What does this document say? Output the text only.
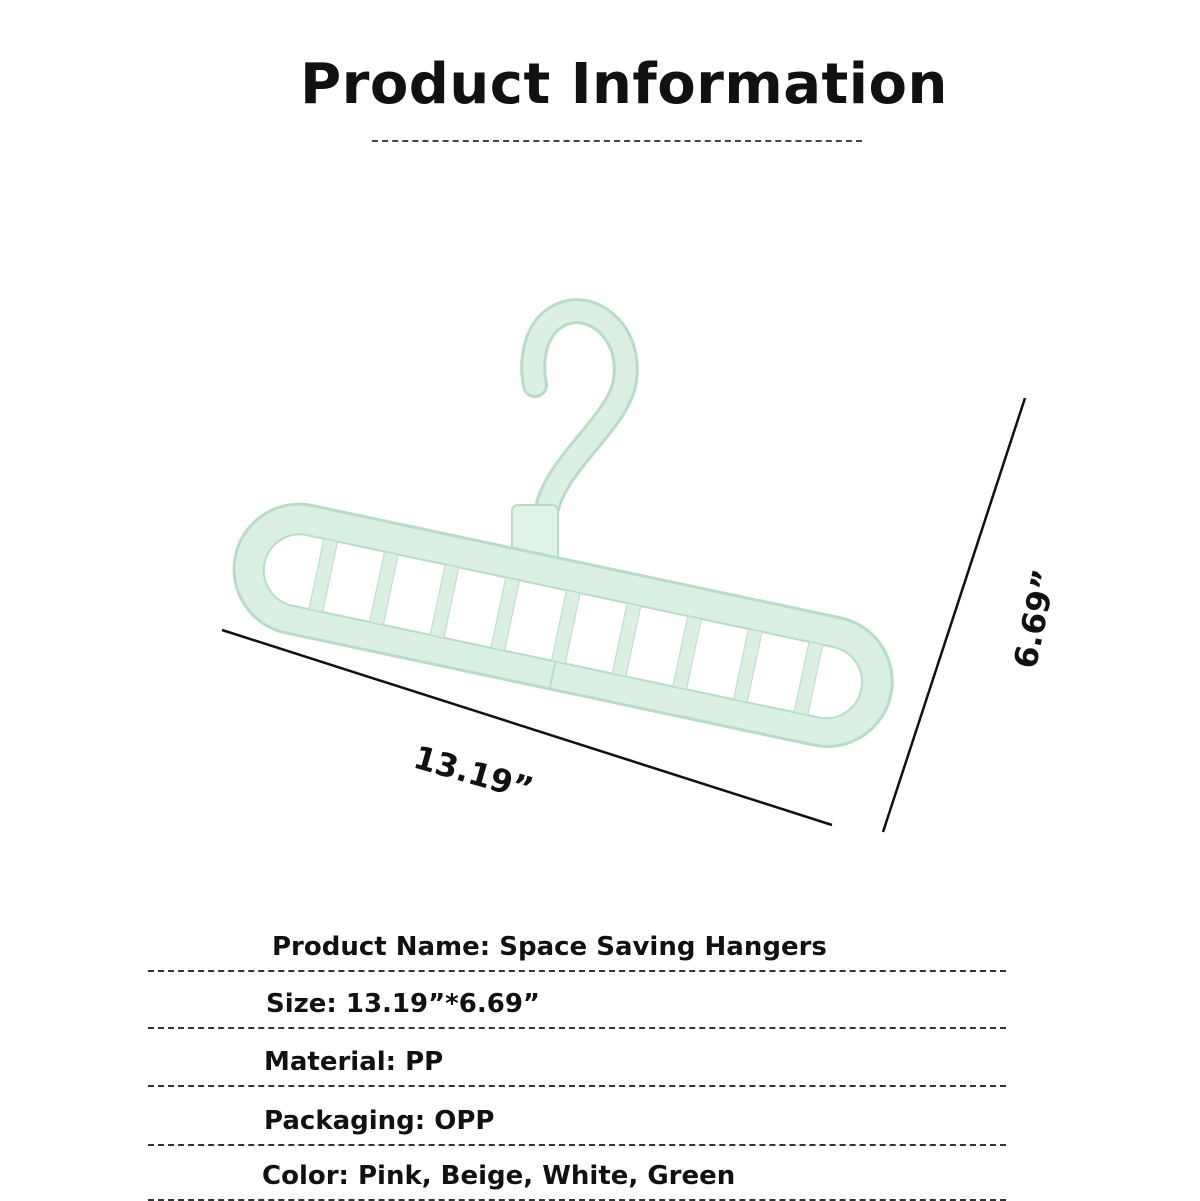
Product Information
13.19”
6.69”
Product Name: Space Saving Hangers
Size: 13.19”*6.69”
Material: PP
Packaging: OPP
Color: Pink, Beige, White, Green
